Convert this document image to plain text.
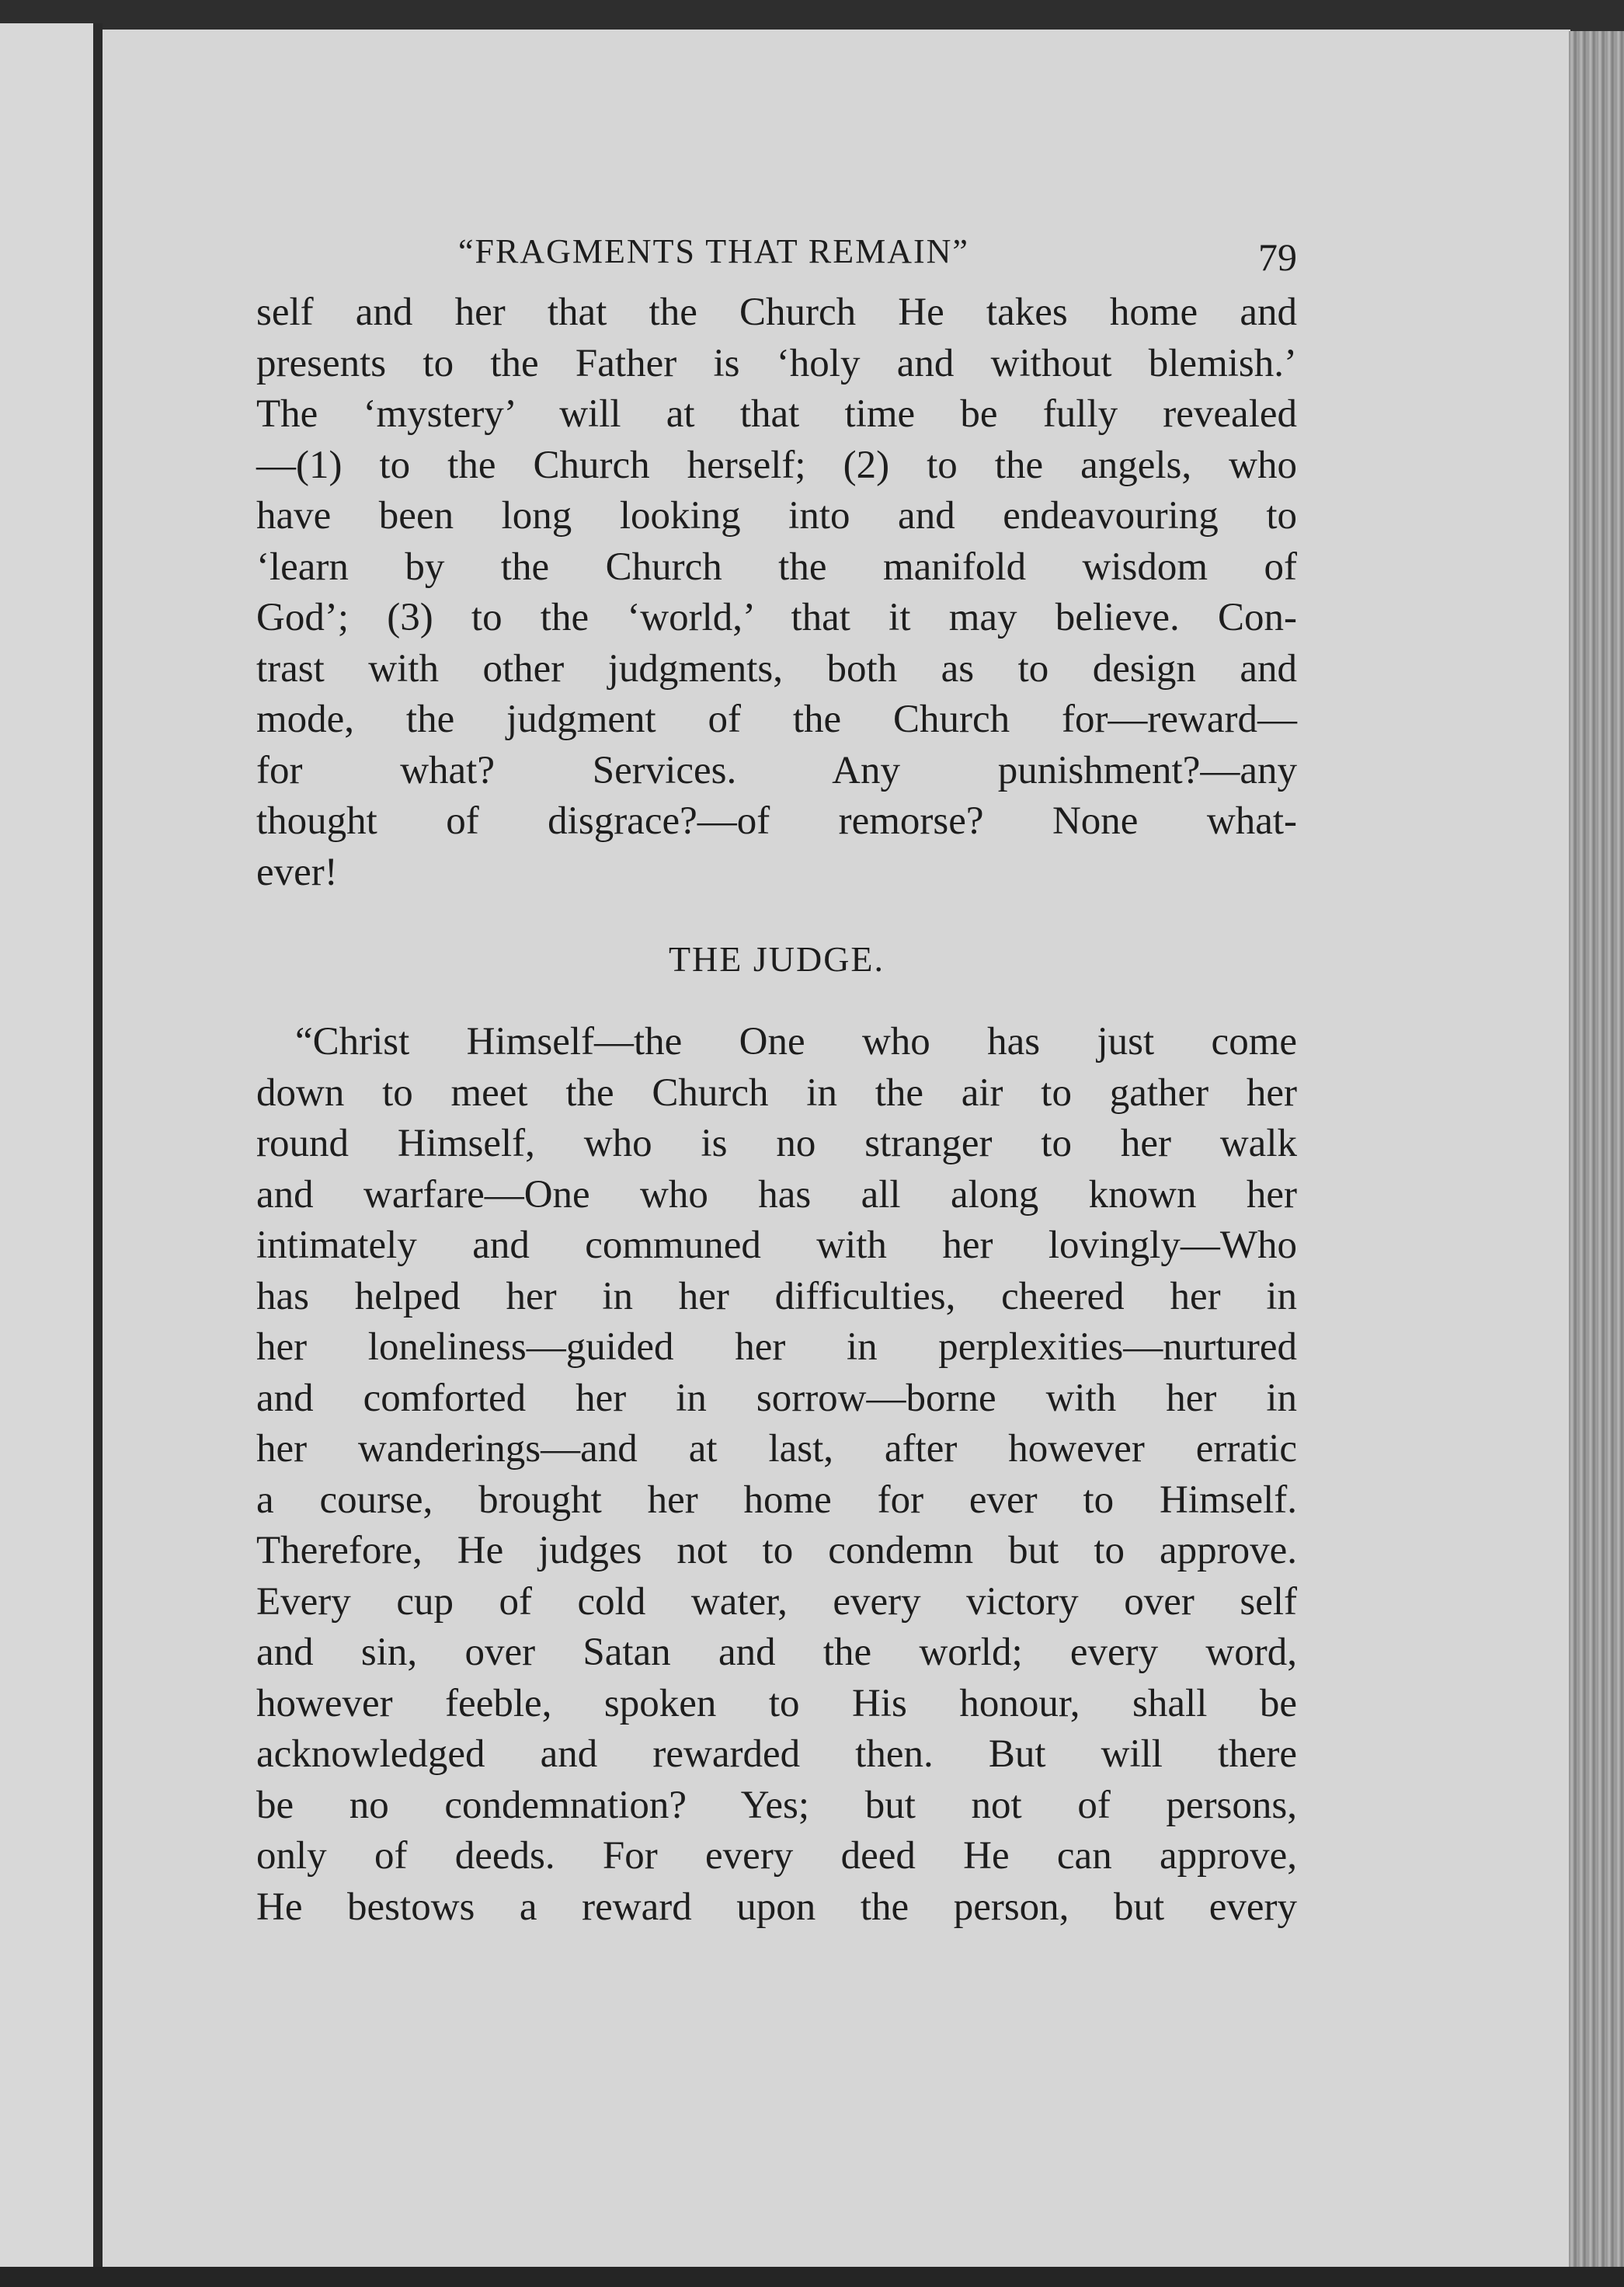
“FRAGMENTS THAT REMAIN”	79

self and her that the Church He takes home and
presents to the Father is ‘holy and without blemish.’
The ‘mystery’ will at that time be fully revealed
—(1) to the Church herself; (2) to the angels, who
have been long looking into and endeavouring to
‘learn by the Church the manifold wisdom of
God’; (3) to the ‘world,’ that it may believe. Con-
trast with other judgments, both as to design and
mode, the judgment of the Church for—reward—
for what? Services. Any punishment?—any
thought of disgrace?—of remorse? None what-
ever!

THE JUDGE.

“Christ Himself—the One who has just come
down to meet the Church in the air to gather her
round Himself, who is no stranger to her walk
and warfare—One who has all along known her
intimately and communed with her lovingly—Who
has helped her in her difficulties, cheered her in
her loneliness—guided her in perplexities—nurtured
and comforted her in sorrow—borne with her in
her wanderings—and at last, after however erratic
a course, brought her home for ever to Himself.
Therefore, He judges not to condemn but to approve.
Every cup of cold water, every victory over self
and sin, over Satan and the world; every word,
however feeble, spoken to His honour, shall be
acknowledged and rewarded then. But will there
be no condemnation? Yes; but not of persons,
only of deeds. For every deed He can approve,
He bestows a reward upon the person, but every
